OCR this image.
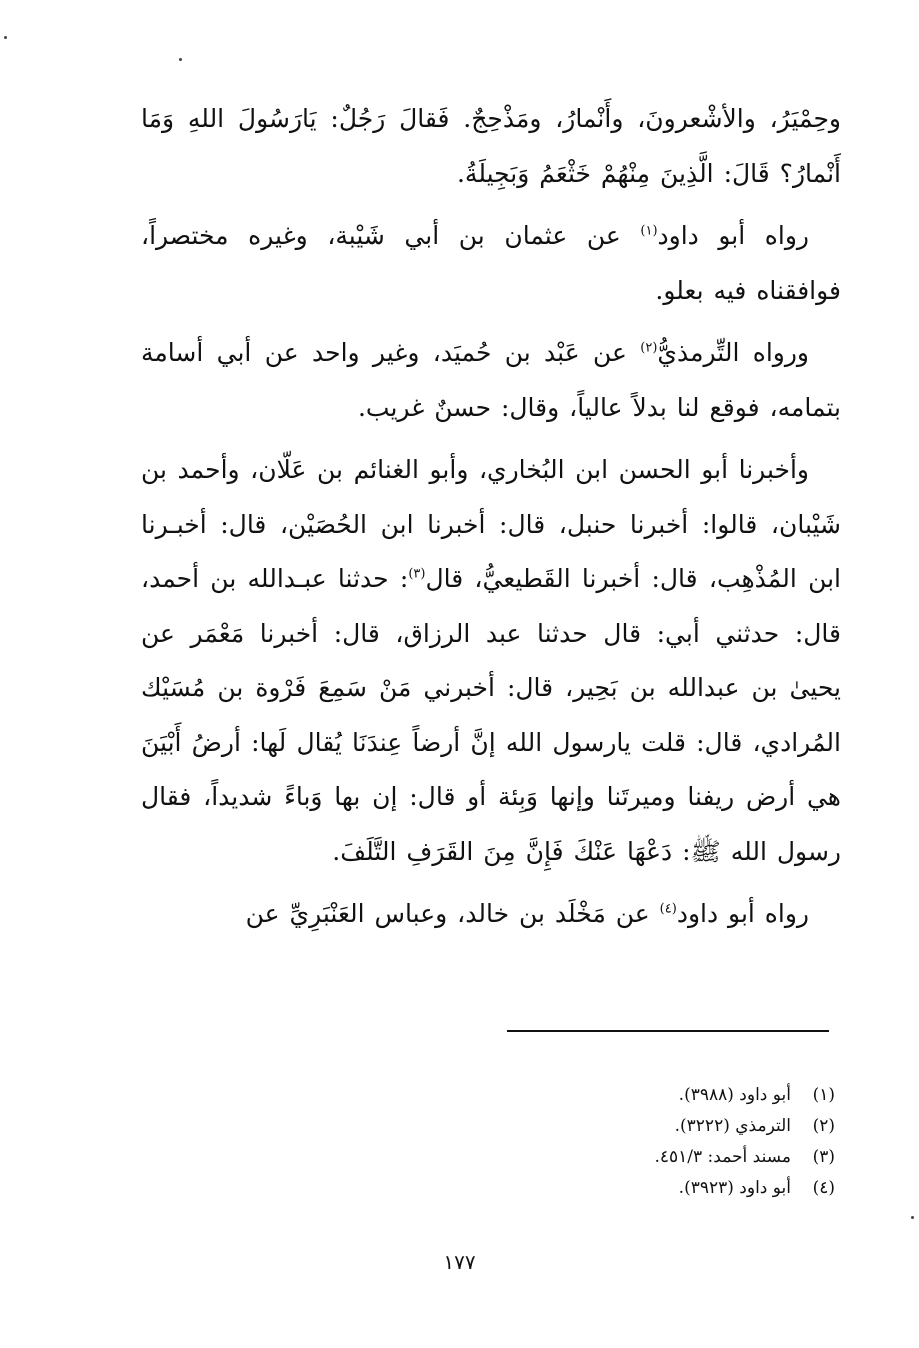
وحِمْيَرُ، والأشْعرونَ، وأَنْمارُ، ومَذْحِجٌ. فَقالَ رَجُلٌ: يَارَسُولَ اللهِ وَمَا أَنْمارُ؟ قَالَ: الَّذِينَ مِنْهُمْ خَثْعَمُ وَبَجِيلَةُ.

رواه أبو داود$^{(١)}$ عن عثمان بن أبي شَيْبة، وغيره مختصراً، فوافقناه فيه بعلو.

ورواه التِّرمذيُّ$^{(٢)}$ عن عَبْد بن حُميَد، وغير واحد عن أبي أسامة بتمامه، فوقع لنا بدلاً عالياً، وقال: حسنٌ غريب.

وأخبرنا أبو الحسن ابن البُخاري، وأبو الغنائم بن عَلّان، وأحمد بن شَيْبان، قالوا: أخبرنا حنبل، قال: أخبرنا ابن الحُصَيْن، قال: أخبـرنا ابن المُذْهِب، قال: أخبرنا القَطيعيُّ، قال$^{(٣)}$: حدثنا عبـدالله بن أحمد، قال: حدثني أبي: قال حدثنا عبد الرزاق، قال: أخبرنا مَعْمَر عن يحيىٰ بن عبدالله بن بَحِير، قال: أخبرني مَنْ سَمِعَ فَرْوة بن مُسَيْك المُرادي، قال: قلت يارسول الله إنَّ أرضاً عِندَنَا يُقال لَها: أرضُ أَبْيَنَ هي أرض ريفنا وميرتَنا وإنها وَبِئة أو قال: إن بها وَباءً شديداً، فقال رسول الله ﷺ: دَعْهَا عَنْكَ فَإِنَّ مِنَ القَرَفِ التَّلَفَ.

رواه أبو داود$^{(٤)}$ عن مَخْلَد بن خالد، وعباس العَنْبَرِيِّ عن

(١)
أبو داود (٣٩٨٨).
(٢)
الترمذي (٣٢٢٢).
(٣)
مسند أحمد: ٤٥١/٣.
(٤)
أبو داود (٣٩٢٣).
١٧٧
